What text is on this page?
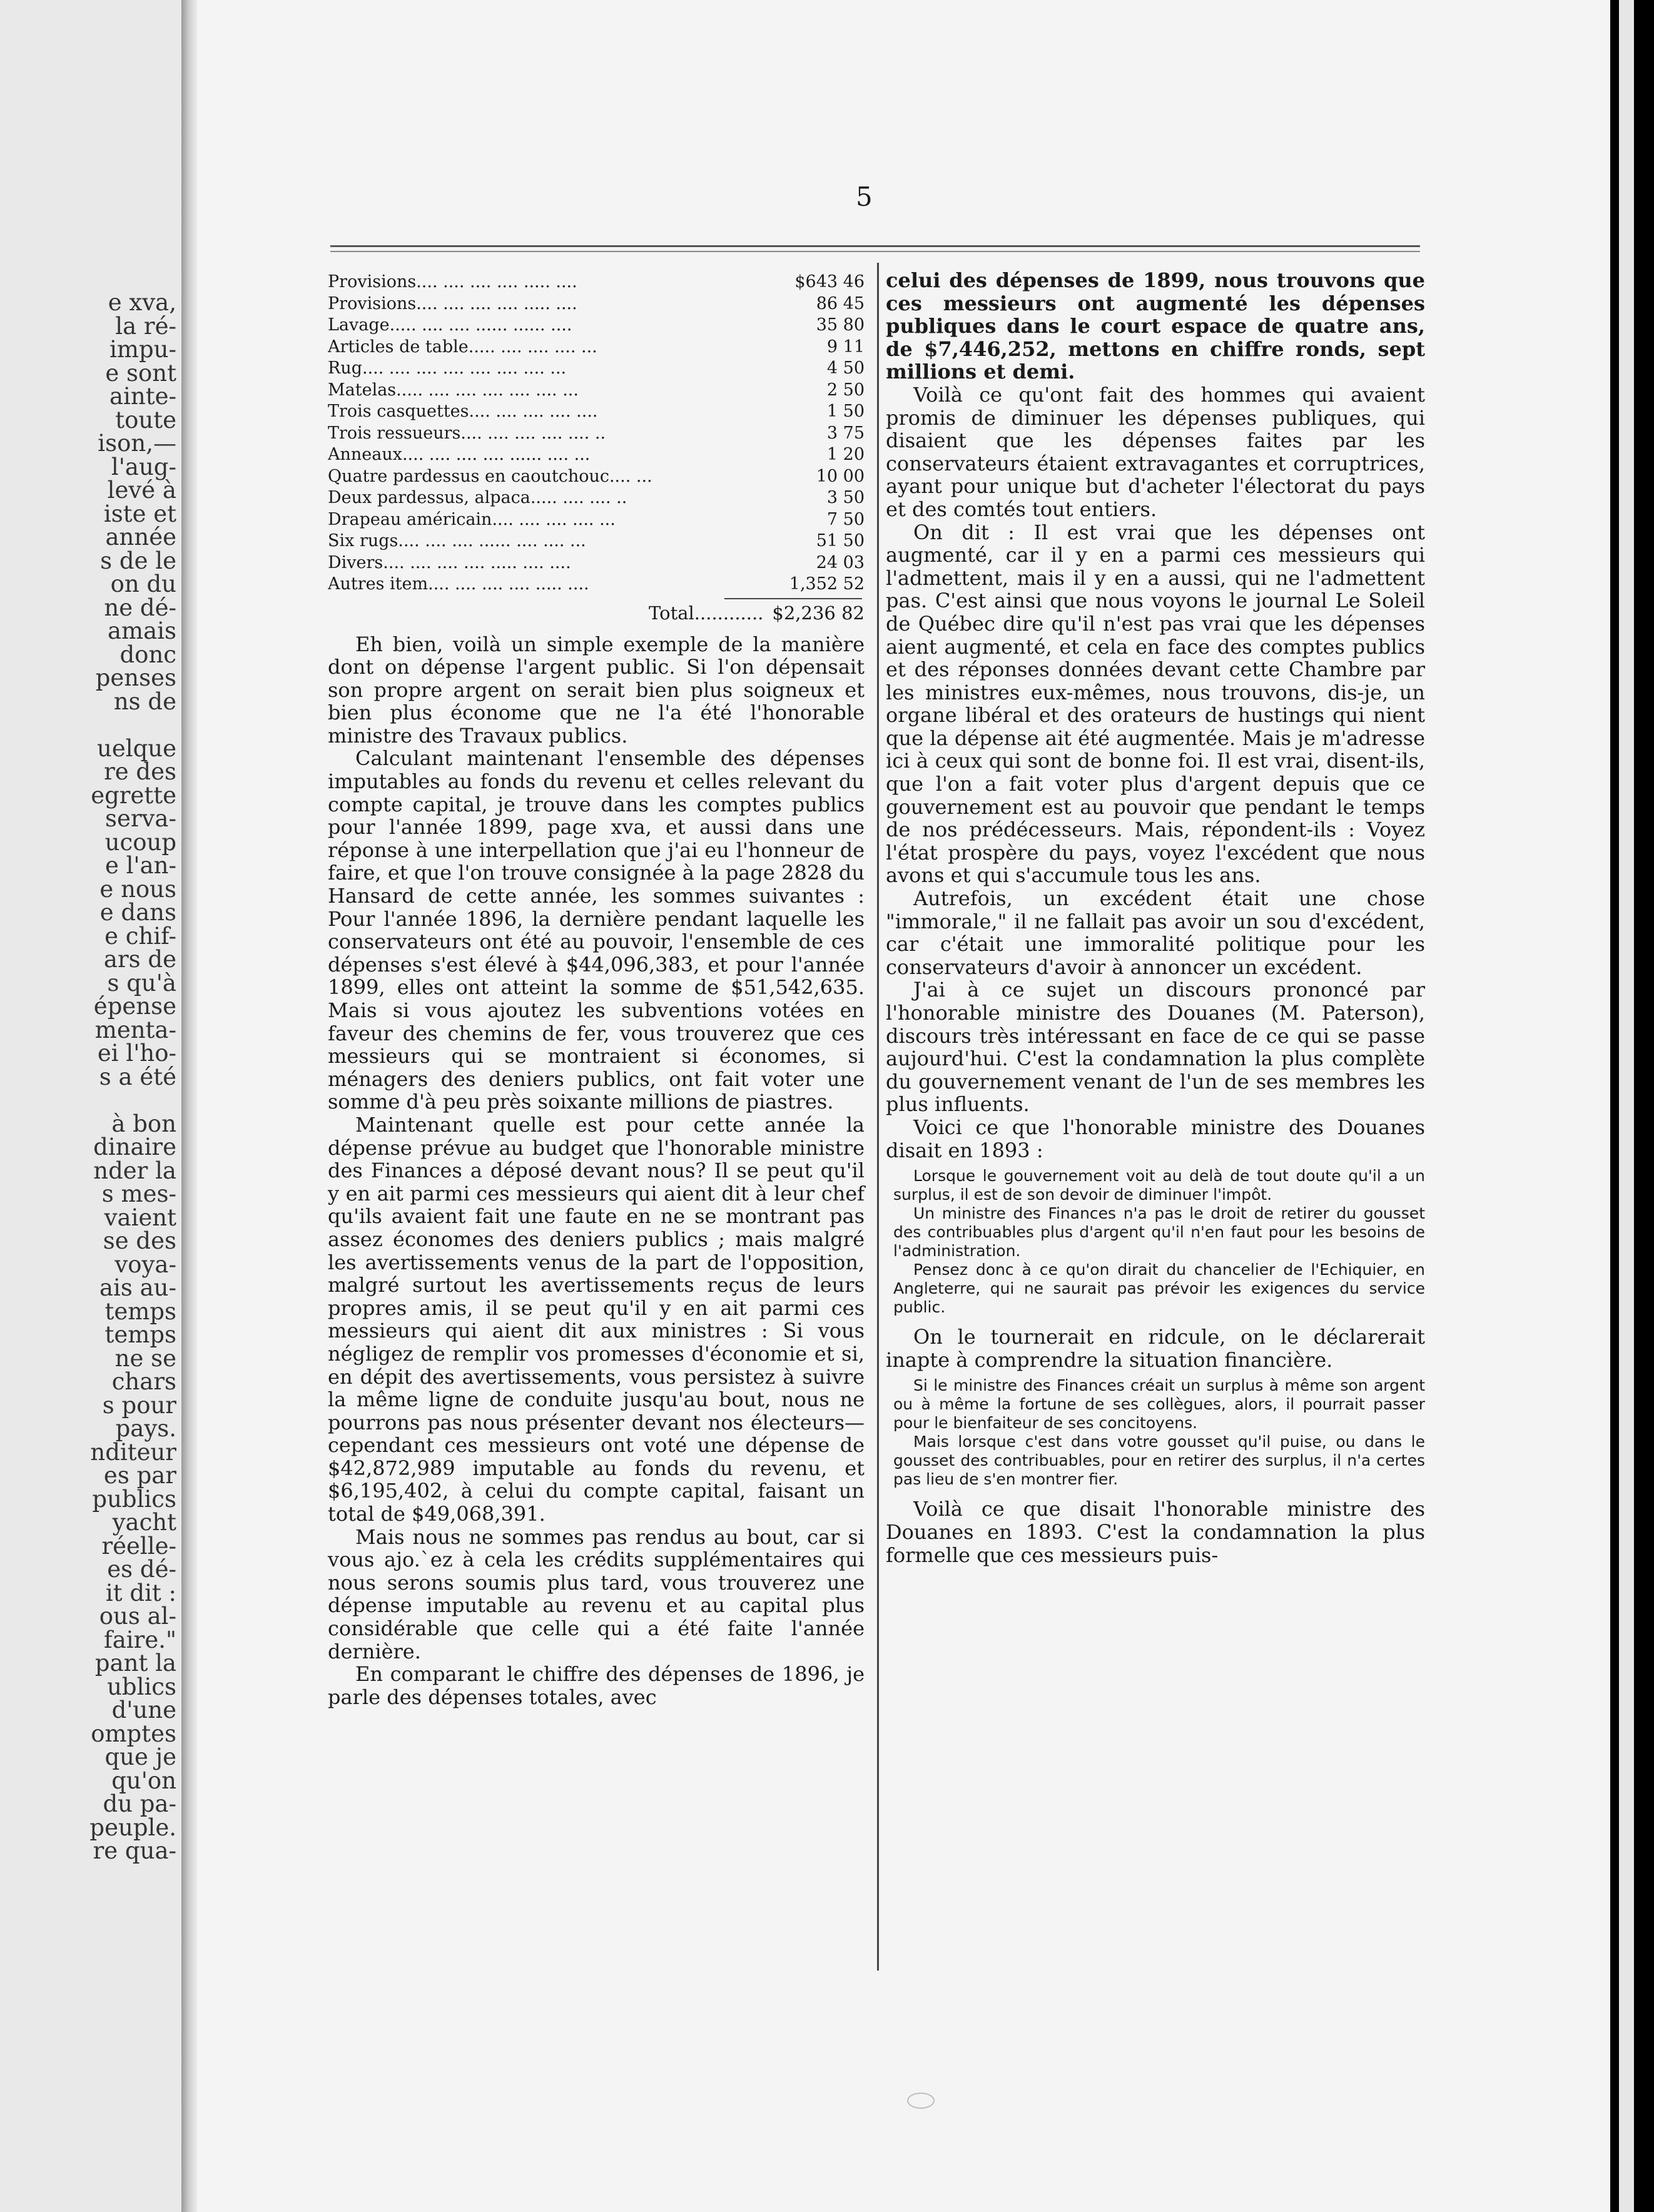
e xva,
la ré-
impu-
e sont
ainte-
toute
ison,—
l'aug-
levé à
iste et
année
s de le
on du
ne dé-
amais
donc
penses
ns de

uelque
re des
egrette
serva-
ucoup
e l'an-
e nous
e dans
e chif-
ars de
s qu'à
épense
menta-
ei l'ho-
s a été

à bon
dinaire
nder la
s mes-
vaient
se des
voya-
ais au-
temps
temps
ne se
chars
s pour
pays.
nditeur
es par
publics
yacht
réelle-
es dé-
it dit :
ous al-
faire."
pant la
ublics
d'une
omptes
que je
qu'on
du pa-
peuple.
re qua-
5
Provisions.... .... .... .... ..... ....	$643 46
Provisions.... .... .... .... ..... ....	86 45
Lavage..... .... .... ...... ...... ....	35 80
Articles de table..... .... .... .... ...	9 11
Rug.... .... .... .... .... .... .... ...	4 50
Matelas..... .... .... .... .... .... ...	2 50
Trois casquettes.... .... .... .... ....	1 50
Trois ressueurs.... .... .... .... .... ..	3 75
Anneaux.... .... .... .... ...... .... ...	1 20
Quatre pardessus en caoutchouc.... ...	10 00
Deux pardessus, alpaca..... .... .... ..	3 50
Drapeau américain.... .... .... .... ...	7 50
Six rugs.... .... .... ...... .... .... ...	51 50
Divers.... .... .... .... ..... .... ....	24 03
Autres item.... .... .... .... ..... ....	1,352 52
Total............ $2,236 82

Eh bien, voilà un simple exemple de la manière dont on dépense l'argent public. Si l'on dépensait son propre argent on serait bien plus soigneux et bien plus économe que ne l'a été l'honorable ministre des Travaux publics.

Calculant maintenant l'ensemble des dépenses imputables au fonds du revenu et celles relevant du compte capital, je trouve dans les comptes publics pour l'année 1899, page xva, et aussi dans une réponse à une interpellation que j'ai eu l'honneur de faire, et que l'on trouve consignée à la page 2828 du Hansard de cette année, les sommes suivantes : Pour l'année 1896, la dernière pendant laquelle les conservateurs ont été au pouvoir, l'ensemble de ces dépenses s'est élevé à $44,096,383, et pour l'année 1899, elles ont atteint la somme de $51,542,635. Mais si vous ajoutez les subventions votées en faveur des chemins de fer, vous trouverez que ces messieurs qui se montraient si économes, si ménagers des deniers publics, ont fait voter une somme d'à peu près soixante millions de piastres.

Maintenant quelle est pour cette année la dépense prévue au budget que l'honorable ministre des Finances a déposé devant nous? Il se peut qu'il y en ait parmi ces messieurs qui aient dit à leur chef qu'ils avaient fait une faute en ne se montrant pas assez économes des deniers publics ; mais malgré les avertissements venus de la part de l'opposition, malgré surtout les avertissements reçus de leurs propres amis, il se peut qu'il y en ait parmi ces messieurs qui aient dit aux ministres : Si vous négligez de remplir vos promesses d'économie et si, en dépit des avertissements, vous persistez à suivre la même ligne de conduite jusqu'au bout, nous ne pourrons pas nous présenter devant nos électeurs—cependant ces messieurs ont voté une dépense de $42,872,989 imputable au fonds du revenu, et $6,195,402, à celui du compte capital, faisant un total de $49,068,391.

Mais nous ne sommes pas rendus au bout, car si vous ajo.`ez à cela les crédits supplémentaires qui nous serons soumis plus tard, vous trouverez une dépense imputable au revenu et au capital plus considérable que celle qui a été faite l'année dernière.

En comparant le chiffre des dépenses de 1896, je parle des dépenses totales, avec

celui des dépenses de 1899, nous trouvons que ces messieurs ont augmenté les dépenses publiques dans le court espace de quatre ans, de $7,446,252, mettons en chiffre ronds, sept millions et demi.

Voilà ce qu'ont fait des hommes qui avaient promis de diminuer les dépenses publiques, qui disaient que les dépenses faites par les conservateurs étaient extravagantes et corruptrices, ayant pour unique but d'acheter l'électorat du pays et des comtés tout entiers.

On dit : Il est vrai que les dépenses ont augmenté, car il y en a parmi ces messieurs qui l'admettent, mais il y en a aussi, qui ne l'admettent pas. C'est ainsi que nous voyons le journal Le Soleil de Québec dire qu'il n'est pas vrai que les dépenses aient augmenté, et cela en face des comptes publics et des réponses données devant cette Chambre par les ministres eux-mêmes, nous trouvons, dis-je, un organe libéral et des orateurs de hustings qui nient que la dépense ait été augmentée. Mais je m'adresse ici à ceux qui sont de bonne foi. Il est vrai, disent-ils, que l'on a fait voter plus d'argent depuis que ce gouvernement est au pouvoir que pendant le temps de nos prédécesseurs. Mais, répondent-ils : Voyez l'état prospère du pays, voyez l'excédent que nous avons et qui s'accumule tous les ans.

Autrefois, un excédent était une chose "immorale," il ne fallait pas avoir un sou d'excédent, car c'était une immoralité politique pour les conservateurs d'avoir à annoncer un excédent.

J'ai à ce sujet un discours prononcé par l'honorable ministre des Douanes (M. Paterson), discours très intéressant en face de ce qui se passe aujourd'hui. C'est la condamnation la plus complète du gouvernement venant de l'un de ses membres les plus influents.

Voici ce que l'honorable ministre des Douanes disait en 1893 :

Lorsque le gouvernement voit au delà de tout doute qu'il a un surplus, il est de son devoir de diminuer l'impôt.

Un ministre des Finances n'a pas le droit de retirer du gousset des contribuables plus d'argent qu'il n'en faut pour les besoins de l'administration.

Pensez donc à ce qu'on dirait du chancelier de l'Echiquier, en Angleterre, qui ne saurait pas prévoir les exigences du service public.

On le tournerait en ridcule, on le déclarerait inapte à comprendre la situation financière.

Si le ministre des Finances créait un surplus à même son argent ou à même la fortune de ses collègues, alors, il pourrait passer pour le bienfaiteur de ses concitoyens.

Mais lorsque c'est dans votre gousset qu'il puise, ou dans le gousset des contribuables, pour en retirer des surplus, il n'a certes pas lieu de s'en montrer fier.

Voilà ce que disait l'honorable ministre des Douanes en 1893. C'est la condamnation la plus formelle que ces messieurs puis-
